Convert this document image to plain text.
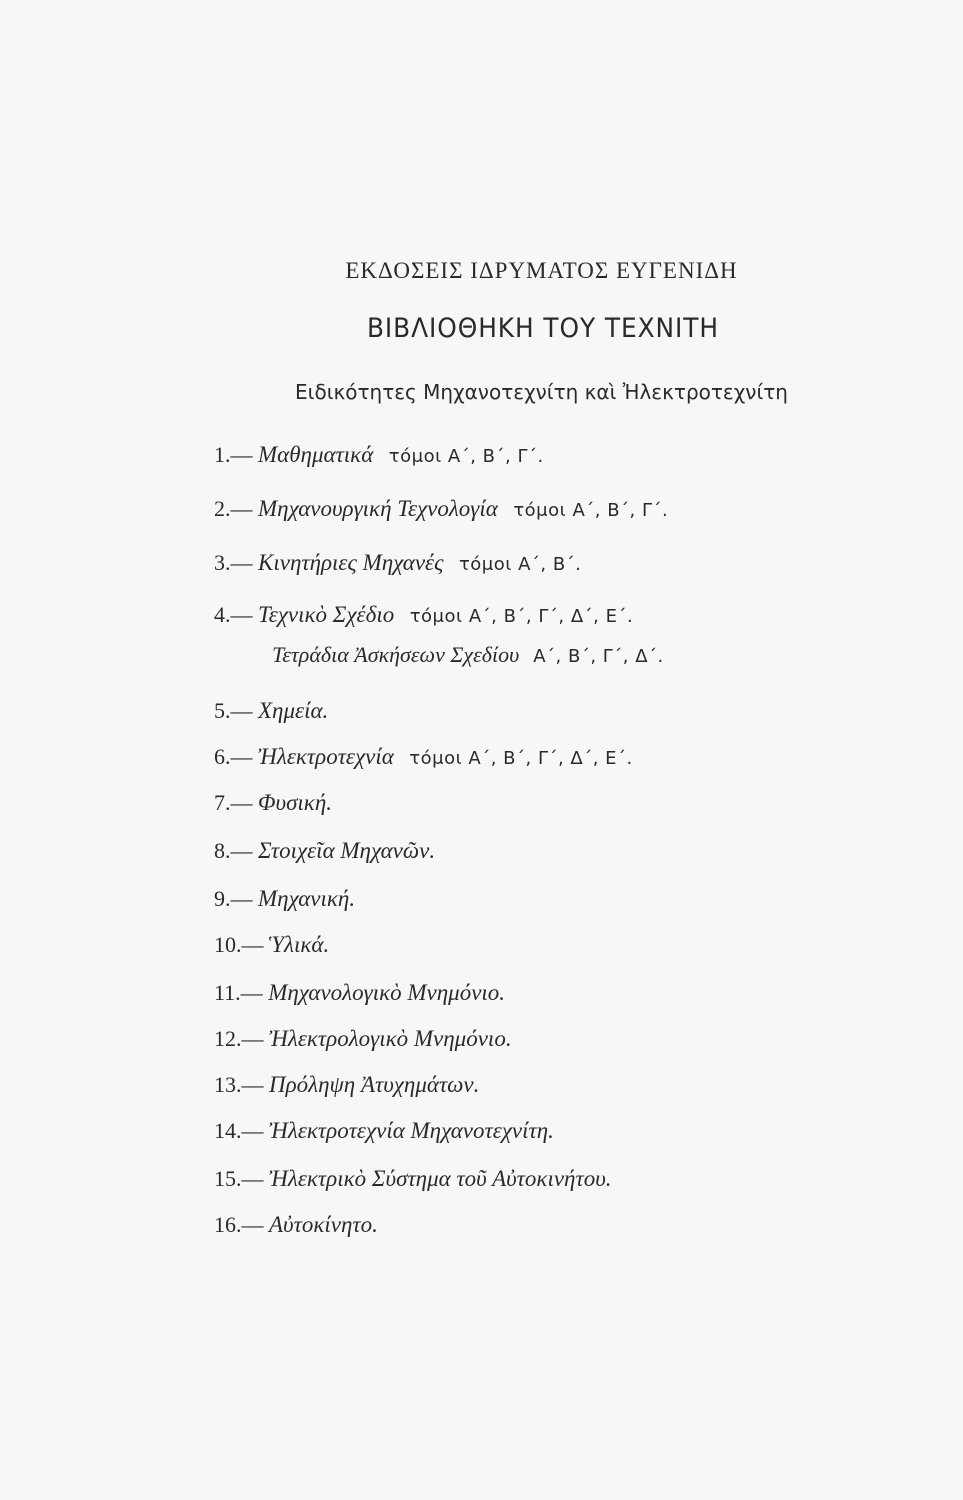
ΕΚΔΟΣΕΙΣ ΙΔΡΥΜΑΤΟΣ ΕΥΓΕΝΙΔΗ
ΒΙΒΛΙΟΘΗΚΗ ΤΟΥ ΤΕΧΝΙΤΗ
Ειδικότητες Μηχανοτεχνίτη καὶ Ἠλεκτροτεχνίτη
1.— Μαθηματικά τόμοι Α΄, Β΄, Γ΄.
2.— Μηχανουργική Τεχνολογία τόμοι Α΄, Β΄, Γ΄.
3.— Κινητήριες Μηχανές τόμοι Α΄, Β΄.
4.— Τεχνικὸ Σχέδιο τόμοι Α΄, Β΄, Γ΄, Δ΄, Ε΄.
Τετράδια Ἀσκήσεων Σχεδίου Α΄, Β΄, Γ΄, Δ΄.
5.— Χημεία.
6.— Ἠλεκτροτεχνία τόμοι Α΄, Β΄, Γ΄, Δ΄, Ε΄.
7.— Φυσική.
8.— Στοιχεῖα Μηχανῶν.
9.— Μηχανική.
10.— Ὑλικά.
11.— Μηχανολογικὸ Μνημόνιο.
12.— Ἠλεκτρολογικὸ Μνημόνιο.
13.— Πρόληψη Ἀτυχημάτων.
14.— Ἠλεκτροτεχνία Μηχανοτεχνίτη.
15.— Ἠλεκτρικὸ Σύστημα τοῦ Αὐτοκινήτου.
16.— Αὐτοκίνητο.
